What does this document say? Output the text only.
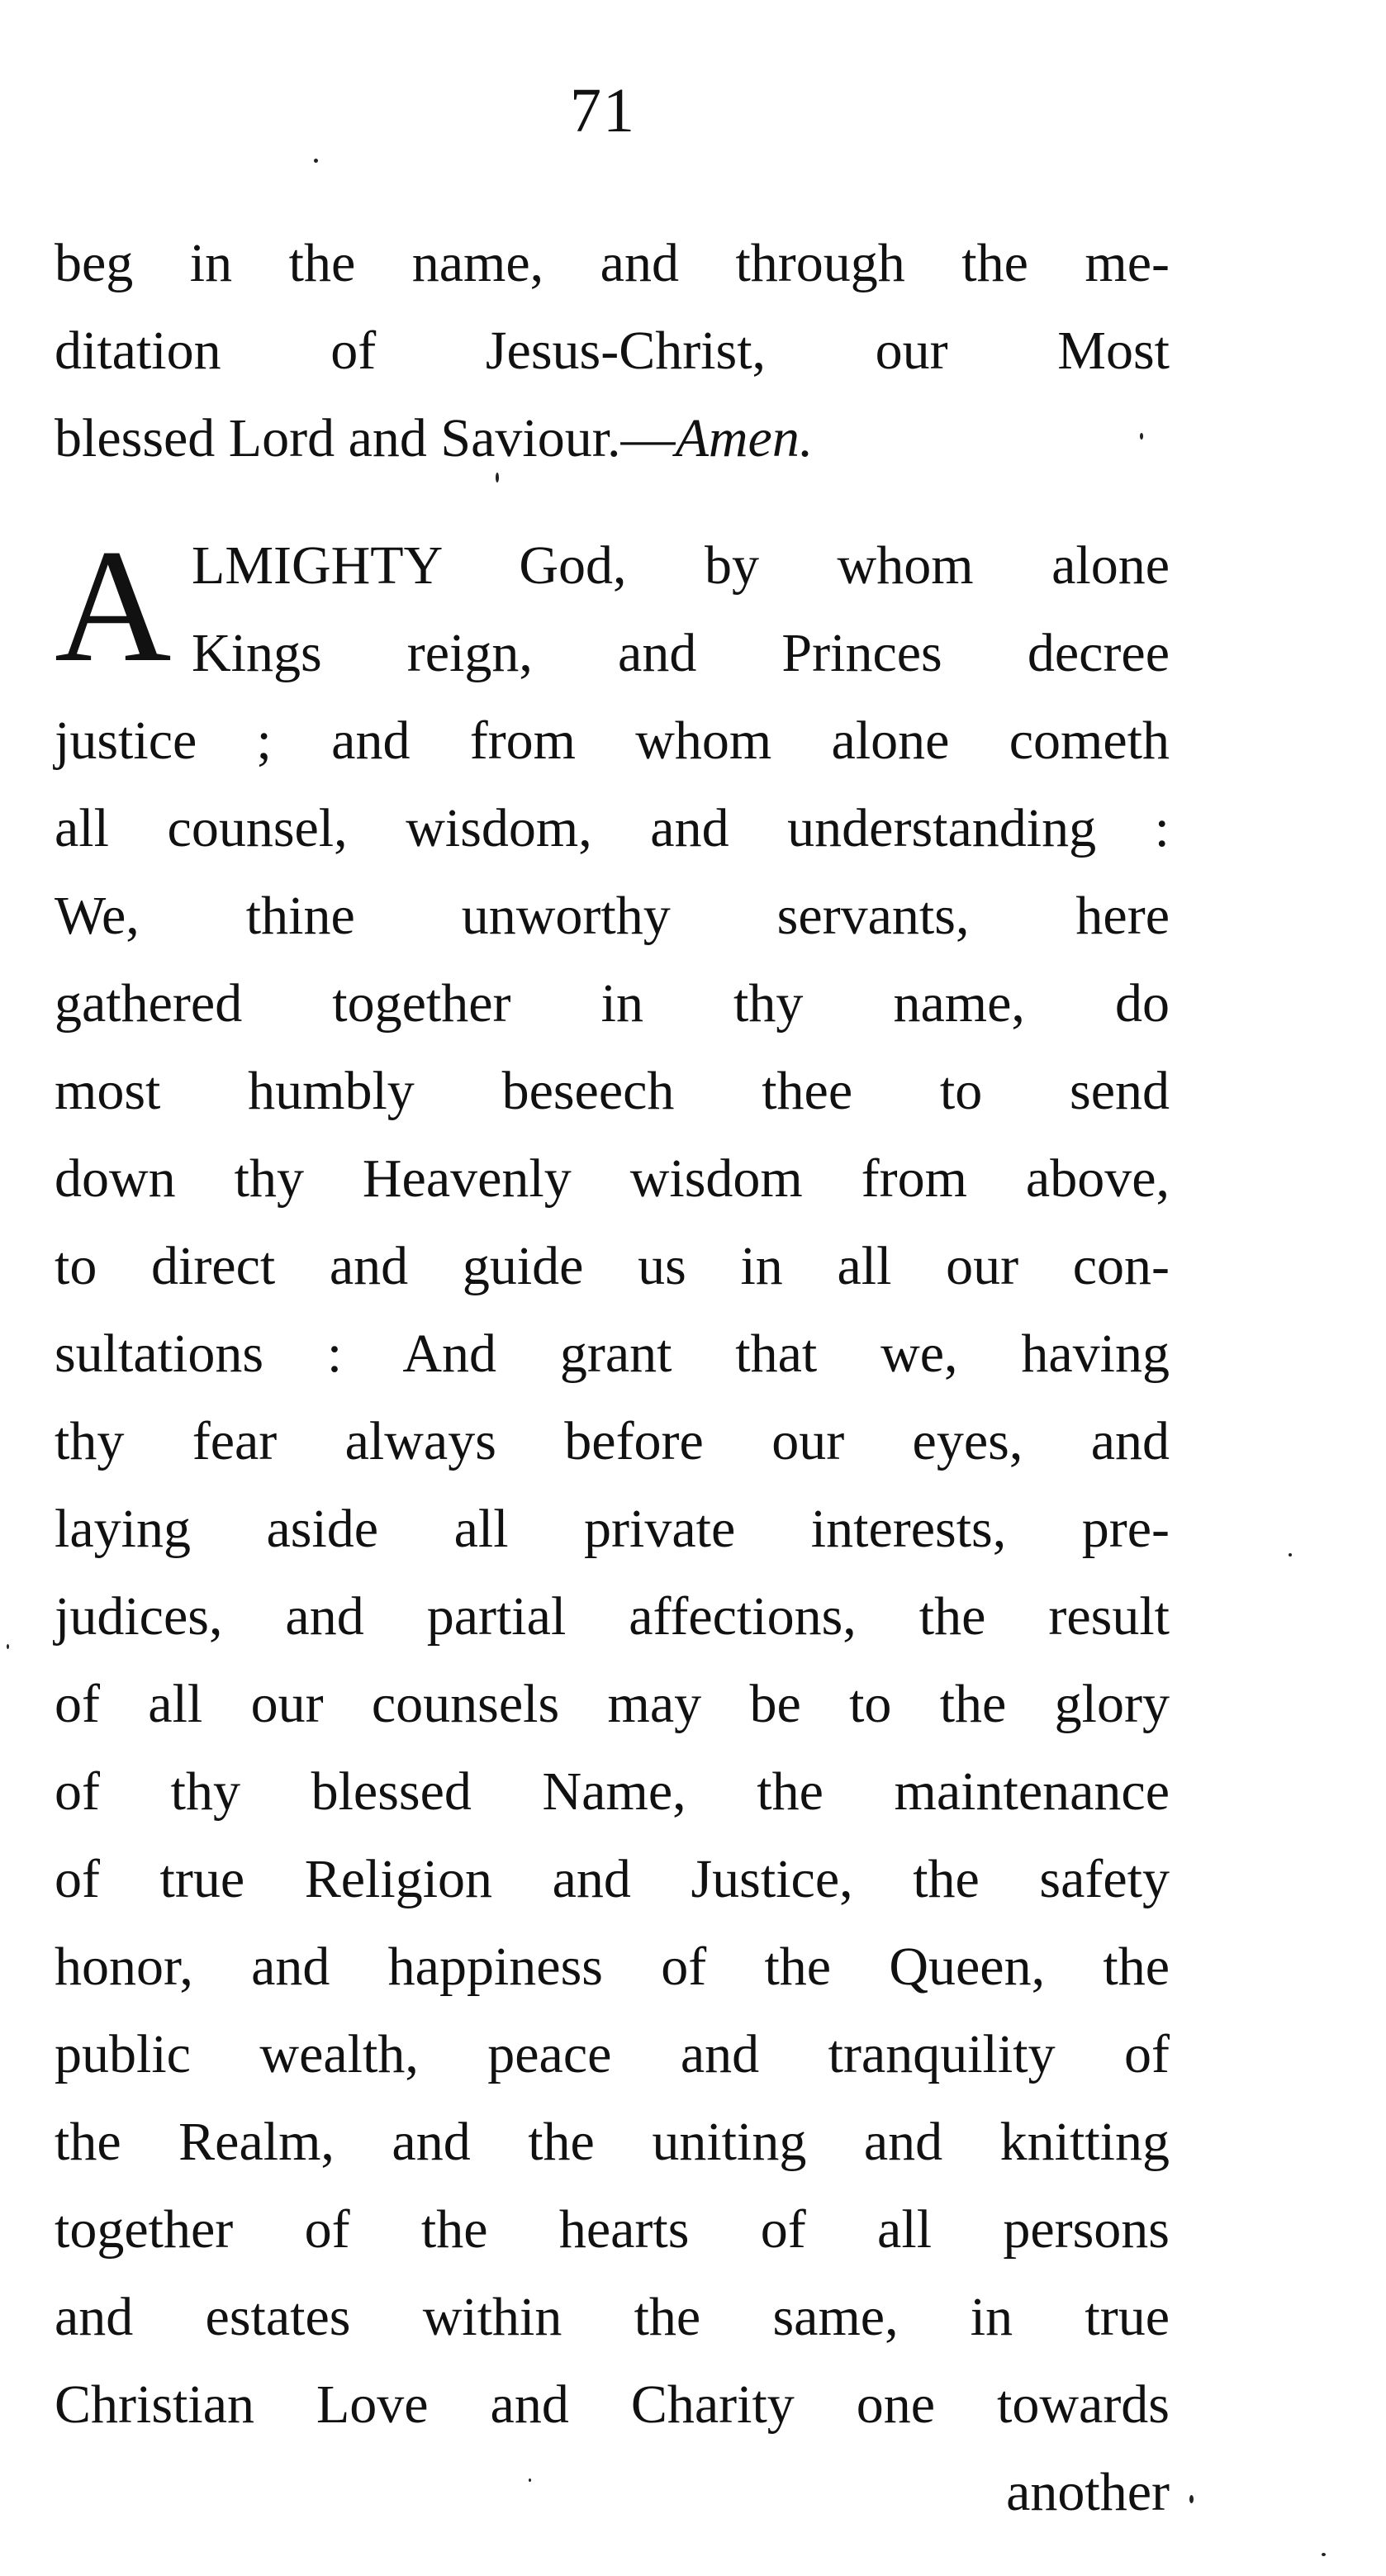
71
beg in the name, and through the me-
ditation of Jesus-Christ, our Most
blessed Lord and Saviour.—Amen.
A LMIGHTY God, by whom alone
Kings reign, and Princes decree
justice ; and from whom alone cometh
all counsel, wisdom, and understanding :
We, thine unworthy servants, here
gathered together in thy name, do
most humbly beseech thee to send
down thy Heavenly wisdom from above,
to direct and guide us in all our con-
sultations : And grant that we, having
thy fear always before our eyes, and
laying aside all private interests, pre-
judices, and partial affections, the result
of all our counsels may be to the glory
of thy blessed Name, the maintenance
of true Religion and Justice, the safety
honor, and happiness of the Queen, the
public wealth, peace and tranquility of
the Realm, and the uniting and knitting
together of the hearts of all persons
and estates within the same, in true
Christian Love and Charity one towards
another
